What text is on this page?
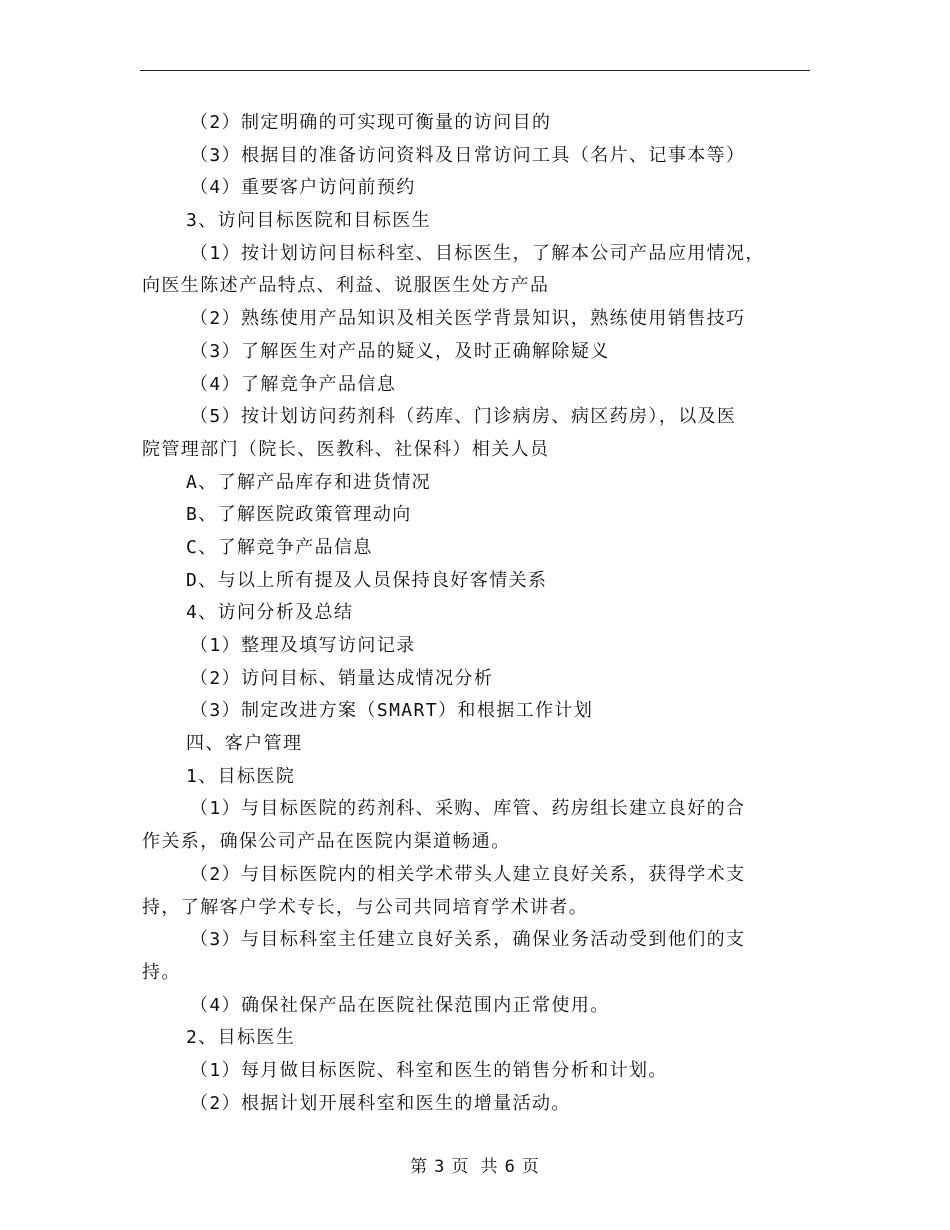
（2）制定明确的可实现可衡量的访问目的
（3）根据目的准备访问资料及日常访问工具（名片、记事本等）
（4）重要客户访问前预约
3、访问目标医院和目标医生
（1）按计划访问目标科室、目标医生，了解本公司产品应用情况，
向医生陈述产品特点、利益、说服医生处方产品
（2）熟练使用产品知识及相关医学背景知识，熟练使用销售技巧
（3）了解医生对产品的疑义，及时正确解除疑义
（4）了解竞争产品信息
（5）按计划访问药剂科（药库、门诊病房、病区药房），以及医
院管理部门（院长、医教科、社保科）相关人员
A、了解产品库存和进货情况
B、了解医院政策管理动向
C、了解竞争产品信息
D、与以上所有提及人员保持良好客情关系
4、访问分析及总结
（1）整理及填写访问记录
（2）访问目标、销量达成情况分析
（3）制定改进方案（SMART）和根据工作计划
四、客户管理
1、目标医院
（1）与目标医院的药剂科、采购、库管、药房组长建立良好的合
作关系，确保公司产品在医院内渠道畅通。
（2）与目标医院内的相关学术带头人建立良好关系，获得学术支
持，了解客户学术专长，与公司共同培育学术讲者。
（3）与目标科室主任建立良好关系，确保业务活动受到他们的支
持。
（4）确保社保产品在医院社保范围内正常使用。
2、目标医生
（1）每月做目标医院、科室和医生的销售分析和计划。
（2）根据计划开展科室和医生的增量活动。
第 3 页 共 6 页
